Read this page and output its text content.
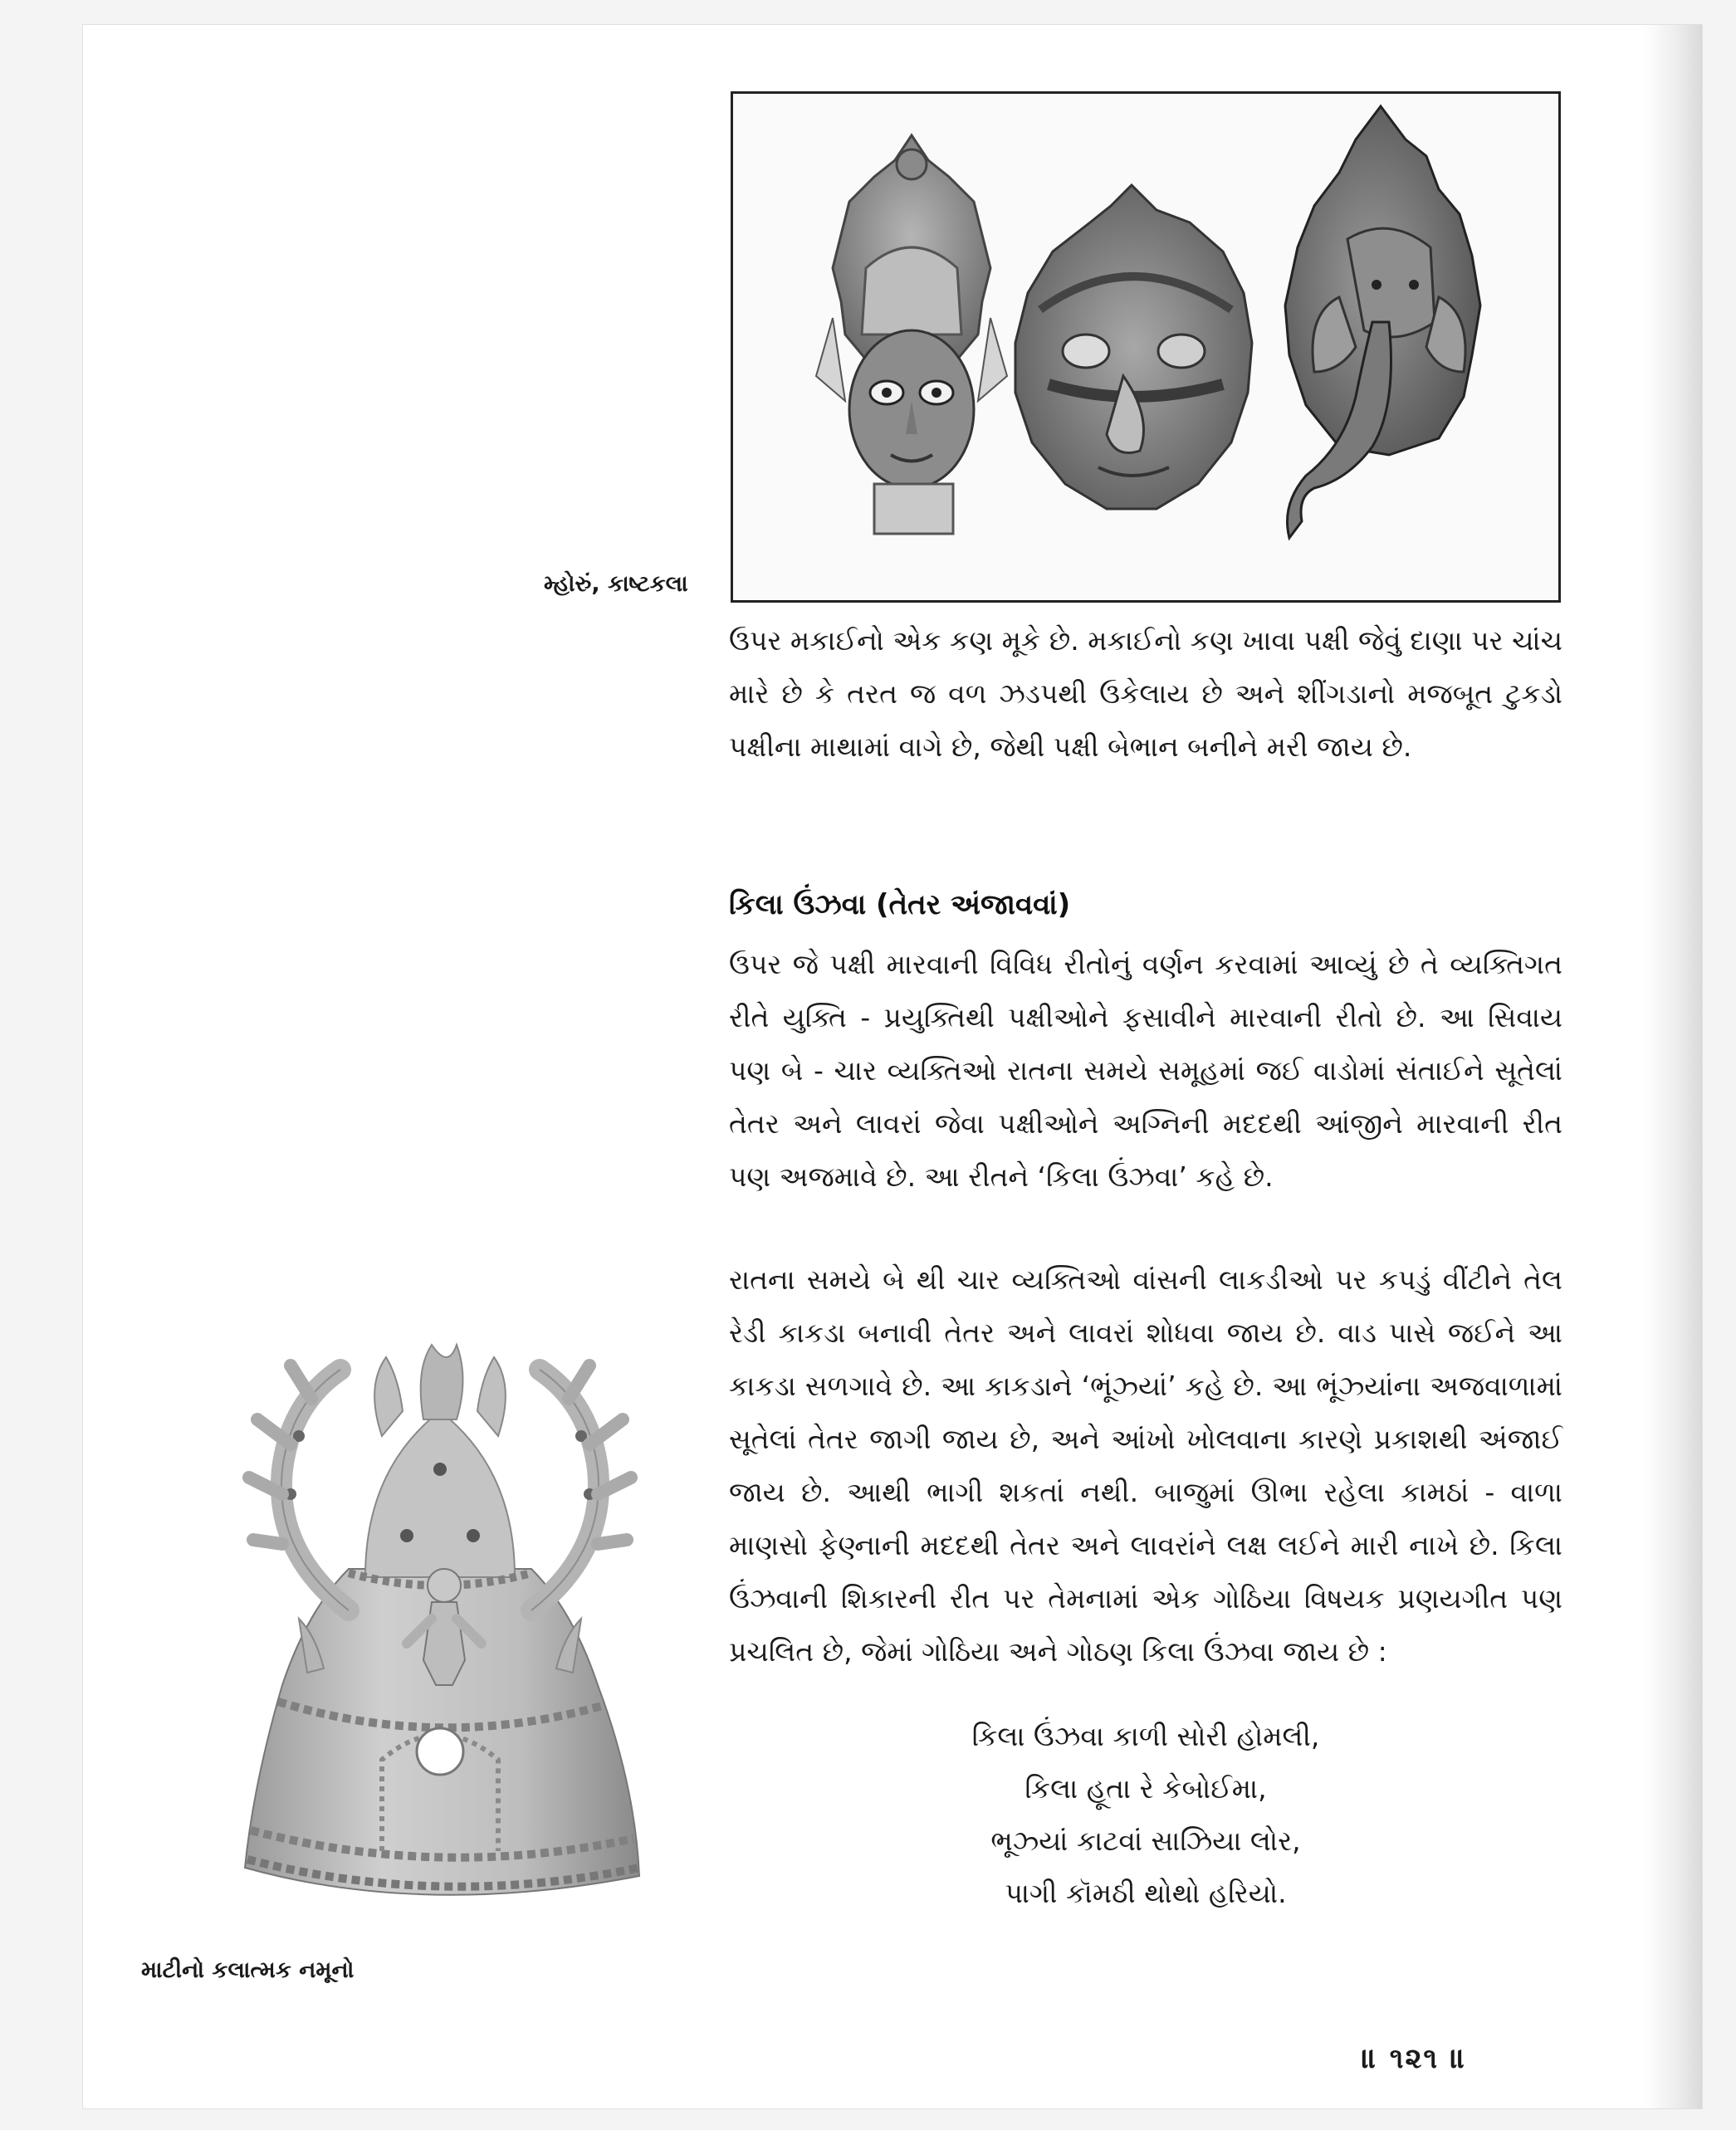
મ્હોરું, કાષ્ટકલા

ઉપર મકાઈનો એક કણ મૂકે છે. મકાઈનો કણ ખાવા પક્ષી જેવું દાણા પર ચાંચ મારે છે કે તરત જ વળ ઝડપથી ઉકેલાય છે અને શીંગડાનો મજબૂત ટુકડો પક્ષીના માથામાં વાગે છે, જેથી પક્ષી બેભાન બનીને મરી જાય છે.

કિલા ઉંઝવા (તેતર અંજાવવાં)

ઉપર જે પક્ષી મારવાની વિવિધ રીતોનું વર્ણન કરવામાં આવ્યું છે તે વ્યક્તિગત રીતે યુક્તિ - પ્રયુક્તિથી પક્ષીઓને ફસાવીને મારવાની રીતો છે. આ સિવાય પણ બે - ચાર વ્યક્તિઓ રાતના સમયે સમૂહમાં જઈ વાડોમાં સંતાઈને સૂતેલાં તેતર અને લાવરાં જેવા પક્ષીઓને અગ્નિની મદદથી આંજીને મારવાની રીત પણ અજમાવે છે. આ રીતને ‘કિલા ઉંઝવા’ કહે છે.

રાતના સમયે બે થી ચાર વ્યક્તિઓ વાંસની લાકડીઓ પર કપડું વીંટીને તેલ રેડી કાકડા બનાવી તેતર અને લાવરાં શોધવા જાય છે. વાડ પાસે જઈને આ કાકડા સળગાવે છે. આ કાકડાને ‘ભૂંઝ્યાં’ કહે છે. આ ભૂંઝ્યાંના અજવાળામાં સૂતેલાં તેતર જાગી જાય છે, અને આંખો ખોલવાના કારણે પ્રકાશથી અંજાઈ જાય છે. આથી ભાગી શકતાં નથી. બાજુમાં ઊભા રહેલા કામઠાં - વાળા માણસો ફેણ્નાની મદદથી તેતર અને લાવરાંને લક્ષ લઈને મારી નાખે છે. કિલા ઉંઝવાની શિકારની રીત પર તેમનામાં એક ગોઠિયા વિષયક પ્રણયગીત પણ પ્રચલિત છે, જેમાં ગોઠિયા અને ગોઠણ કિલા ઉંઝવા જાય છે :

કિલા ઉંઝવા કાળી સોરી હોમલી,
કિલા હૂતા રે કેબોઈમા,
ભૂઝ્યાં કાટવાં સાઝિયા લોર,
પાગી કૉમઠી થોથો હરિયો.
માટીનો કલાત્મક નમૂનો
॥ ૧૨૧ ॥
